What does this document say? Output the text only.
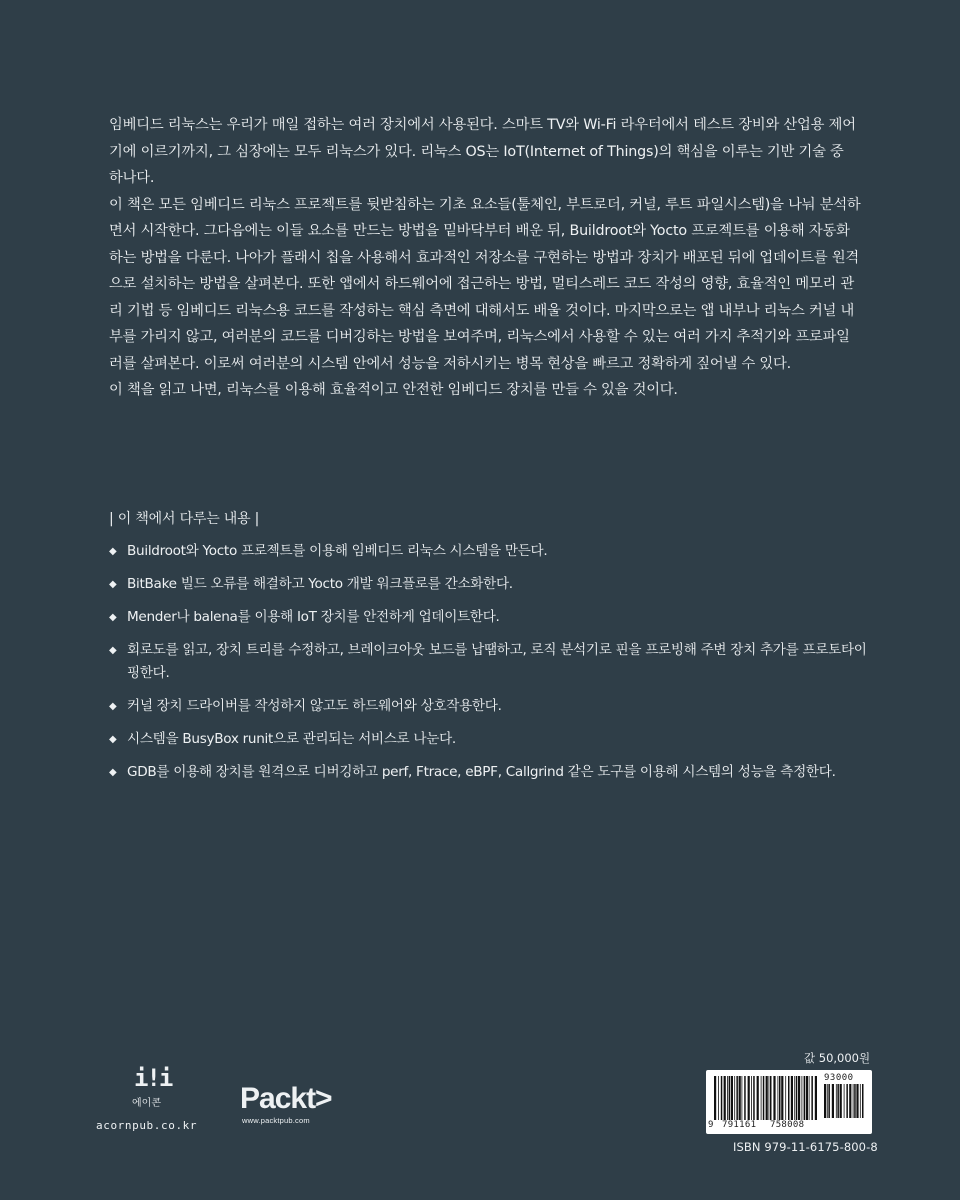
임베디드 리눅스는 우리가 매일 접하는 여러 장치에서 사용된다. 스마트 TV와 Wi-Fi 라우터에서 테스트 장비와 산업용 제어기에 이르기까지, 그 심장에는 모두 리눅스가 있다. 리눅스 OS는 IoT(Internet of Things)의 핵심을 이루는 기반 기술 중 하나다.

이 책은 모든 임베디드 리눅스 프로젝트를 뒷받침하는 기초 요소들(툴체인, 부트로더, 커널, 루트 파일시스템)을 나눠 분석하면서 시작한다. 그다음에는 이들 요소를 만드는 방법을 밑바닥부터 배운 뒤, Buildroot와 Yocto 프로젝트를 이용해 자동화하는 방법을 다룬다. 나아가 플래시 칩을 사용해서 효과적인 저장소를 구현하는 방법과 장치가 배포된 뒤에 업데이트를 원격으로 설치하는 방법을 살펴본다. 또한 앱에서 하드웨어에 접근하는 방법, 멀티스레드 코드 작성의 영향, 효율적인 메모리 관리 기법 등 임베디드 리눅스용 코드를 작성하는 핵심 측면에 대해서도 배울 것이다. 마지막으로는 앱 내부나 리눅스 커널 내부를 가리지 않고, 여러분의 코드를 디버깅하는 방법을 보여주며, 리눅스에서 사용할 수 있는 여러 가지 추적기와 프로파일러를 살펴본다. 이로써 여러분의 시스템 안에서 성능을 저하시키는 병목 현상을 빠르고 정확하게 짚어낼 수 있다.

이 책을 읽고 나면, 리눅스를 이용해 효율적이고 안전한 임베디드 장치를 만들 수 있을 것이다.

| 이 책에서 다루는 내용 |
◆ Buildroot와 Yocto 프로젝트를 이용해 임베디드 리눅스 시스템을 만든다.
◆ BitBake 빌드 오류를 해결하고 Yocto 개발 워크플로를 간소화한다.
◆ Mender나 balena를 이용해 IoT 장치를 안전하게 업데이트한다.
◆ 회로도를 읽고, 장치 트리를 수정하고, 브레이크아웃 보드를 납땜하고, 로직 분석기로 핀을 프로빙해 주변 장치 추가를 프로토타이핑한다.
◆ 커널 장치 드라이버를 작성하지 않고도 하드웨어와 상호작용한다.
◆ 시스템을 BusyBox runit으로 관리되는 서비스로 나눈다.
◆ GDB를 이용해 장치를 원격으로 디버깅하고 perf, Ftrace, eBPF, Callgrind 같은 도구를 이용해 시스템의 성능을 측정한다.
i!i
에이콘
acornpub.co.kr
Packt>
www.packtpub.com
값 50,000원
93000
9 791161 758008
ISBN 979-11-6175-800-8
